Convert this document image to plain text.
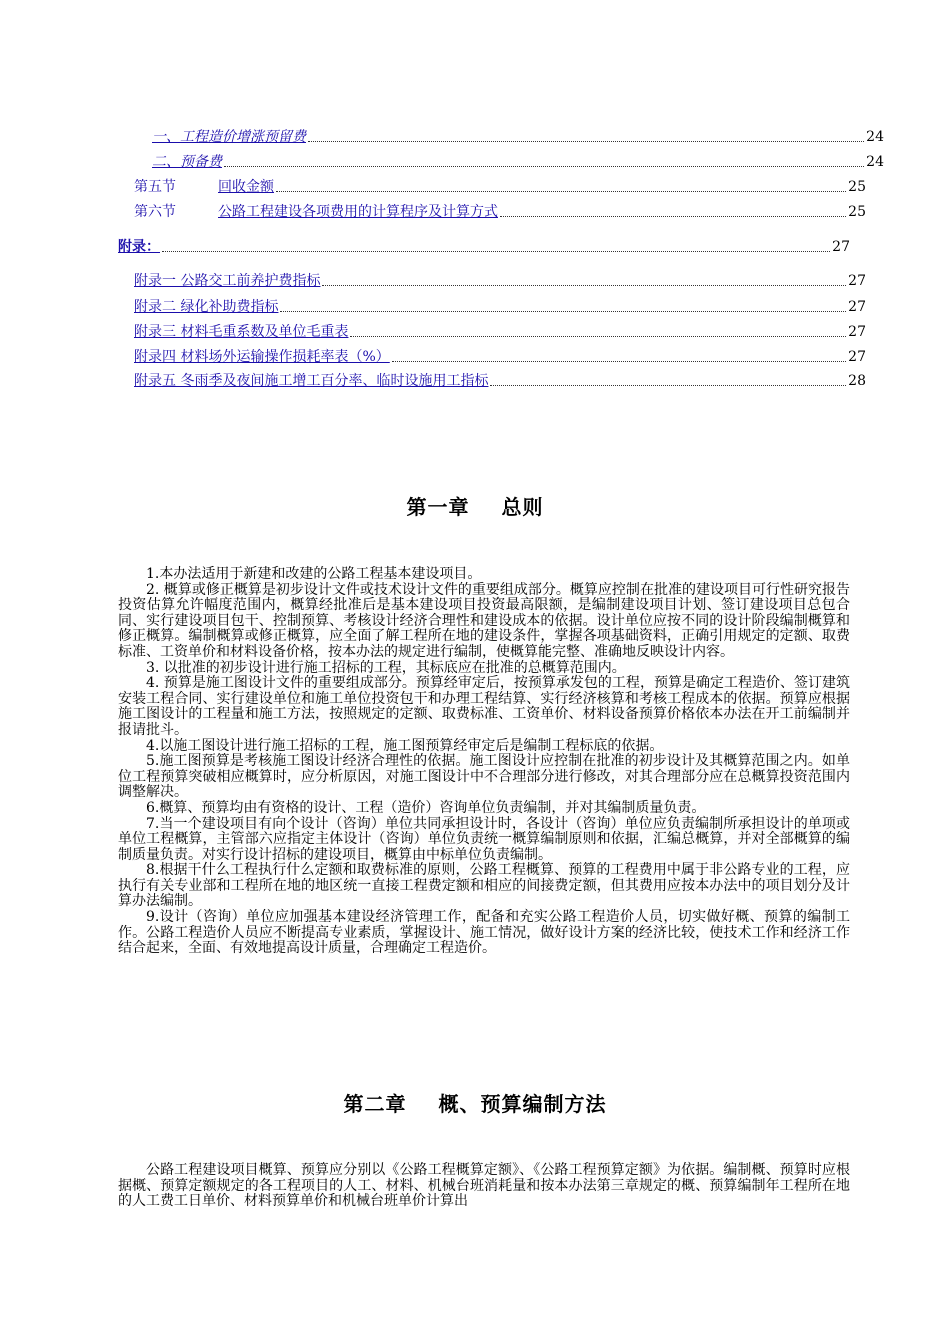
一、工程造价增涨预留费	24
二、预备费	24
第五节	回收金额	25
第六节	公路工程建设各项费用的计算程序及计算方式	25
附录：	27
附录一 公路交工前养护费指标	27
附录二 绿化补助费指标	27
附录三 材料毛重系数及单位毛重表	27
附录四 材料场外运输操作损耗率表（%）	27
附录五 冬雨季及夜间施工增工百分率、临时设施用工指标	28
第一章 总则

1.本办法适用于新建和改建的公路工程基本建设项目。

2. 概算或修正概算是初步设计文件或技术设计文件的重要组成部分。概算应控制在批准的建设项目可行性研究报告投资估算允许幅度范围内，概算经批准后是基本建设项目投资最高限额，是编制建设项目计划、签订建设项目总包合同、实行建设项目包干、控制预算、考核设计经济合理性和建设成本的依据。设计单位应按不同的设计阶段编制概算和修正概算。编制概算或修正概算，应全面了解工程所在地的建设条件，掌握各项基础资料，正确引用规定的定额、取费标准、工资单价和材料设备价格，按本办法的规定进行编制，使概算能完整、准确地反映设计内容。

3. 以批准的初步设计进行施工招标的工程，其标底应在批准的总概算范围内。

4. 预算是施工图设计文件的重要组成部分。预算经审定后，按预算承发包的工程，预算是确定工程造价、签订建筑安装工程合同、实行建设单位和施工单位投资包干和办理工程结算、实行经济核算和考核工程成本的依据。预算应根据施工图设计的工程量和施工方法，按照规定的定额、取费标准、工资单价、材料设备预算价格依本办法在开工前编制并报请批斗。

4.以施工图设计进行施工招标的工程，施工图预算经审定后是编制工程标底的依据。

5.施工图预算是考核施工图设计经济合理性的依据。施工图设计应控制在批准的初步设计及其概算范围之内。如单位工程预算突破相应概算时，应分析原因，对施工图设计中不合理部分进行修改，对其合理部分应在总概算投资范围内调整解决。

6.概算、预算均由有资格的设计、工程（造价）咨询单位负责编制，并对其编制质量负责。

7.当一个建设项目有向个设计（咨询）单位共同承担设计时，各设计（咨询）单位应负责编制所承担设计的单项或单位工程概算，主管部六应指定主体设计（咨询）单位负责统一概算编制原则和依据，汇编总概算，并对全部概算的编制质量负责。对实行设计招标的建设项目，概算由中标单位负责编制。

8.根据干什么工程执行什么定额和取费标准的原则，公路工程概算、预算的工程费用中属于非公路专业的工程，应执行有关专业部和工程所在地的地区统一直接工程费定额和相应的间接费定额，但其费用应按本办法中的项目划分及计算办法编制。

9.设计（咨询）单位应加强基本建设经济管理工作，配备和充实公路工程造价人员，切实做好概、预算的编制工作。公路工程造价人员应不断提高专业素质，掌握设计、施工情况，做好设计方案的经济比较，使技术工作和经济工作结合起来，全面、有效地提高设计质量，合理确定工程造价。

第二章 概、预算编制方法

公路工程建设项目概算、预算应分别以《公路工程概算定额》、《公路工程预算定额》为依据。编制概、预算时应根据概、预算定额规定的各工程项目的人工、材料、机械台班消耗量和按本办法第三章规定的概、预算编制年工程所在地的人工费工日单价、材料预算单价和机械台班单价计算出
